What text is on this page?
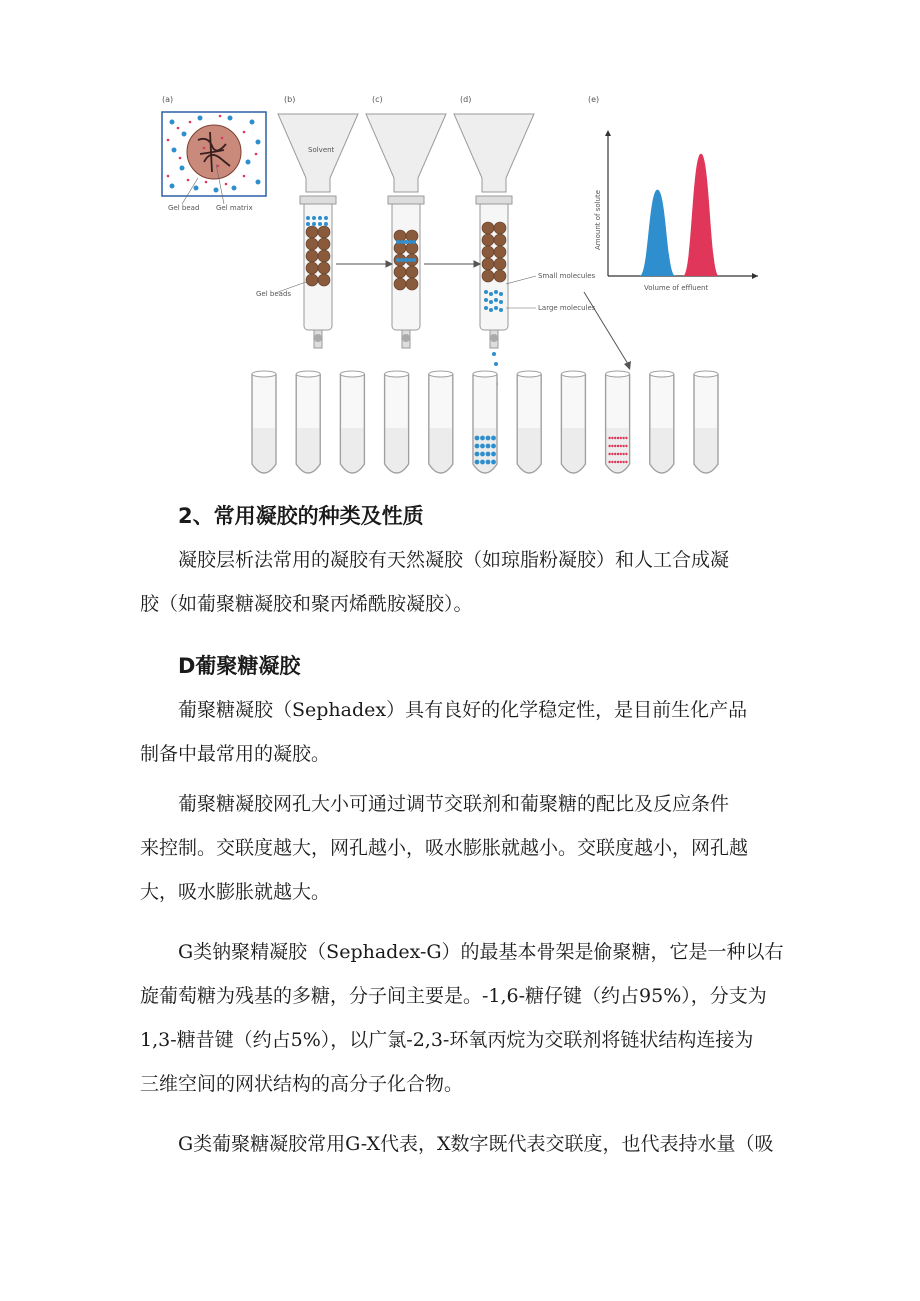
(a)	(b)	(c)	(d)	(e)
Gel bead Gel matrix
Solvent
Gel beads
Small molecules
Large molecules
Amount of solute
Volume of effluent
2、常用凝胶的种类及性质
凝胶层析法常用的凝胶有天然凝胶（如琼脂粉凝胶）和人工合成凝
胶（如葡聚糖凝胶和聚丙烯酰胺凝胶）。
D葡聚糖凝胶
葡聚糖凝胶（Sephadex）具有良好的化学稳定性，是目前生化产品
制备中最常用的凝胶。
葡聚糖凝胶网孔大小可通过调节交联剂和葡聚糖的配比及反应条件
来控制。交联度越大，网孔越小，吸水膨胀就越小。交联度越小，网孔越
大，吸水膨胀就越大。
G类钠聚精凝胶（Sephadex-G）的最基本骨架是偷聚糖，它是一种以右
旋葡萄糖为残基的多糖，分子间主要是。-1,6-糖仔键（约占95%），分支为
1,3-糖昔键（约占5%），以广氯-2,3-环氧丙烷为交联剂将链状结构连接为
三维空间的网状结构的高分子化合物。
G类葡聚糖凝胶常用G-X代表，X数字既代表交联度，也代表持水量（吸
